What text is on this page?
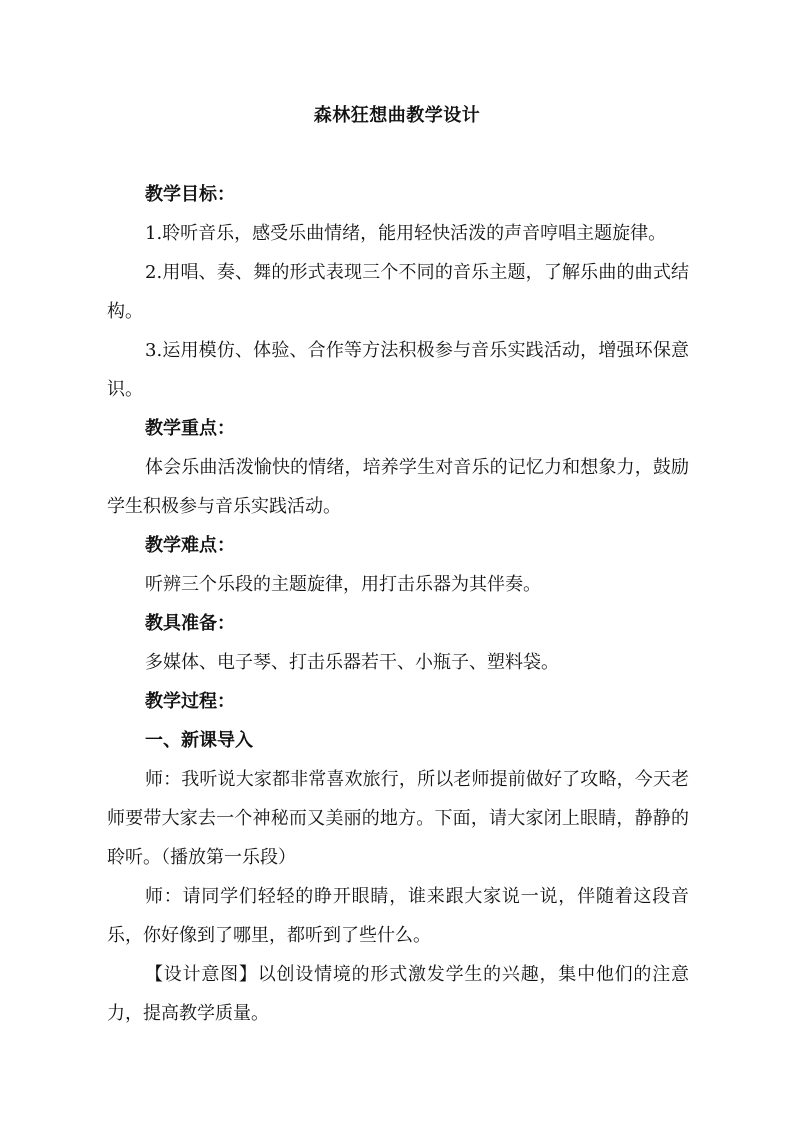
森林狂想曲教学设计

教学目标：

1.聆听音乐，感受乐曲情绪，能用轻快活泼的声音哼唱主题旋律。

2.用唱、奏、舞的形式表现三个不同的音乐主题，了解乐曲的曲式结构。

3.运用模仿、体验、合作等方法积极参与音乐实践活动，增强环保意识。

教学重点：

体会乐曲活泼愉快的情绪，培养学生对音乐的记忆力和想象力，鼓励学生积极参与音乐实践活动。

教学难点：

听辨三个乐段的主题旋律，用打击乐器为其伴奏。

教具准备：

多媒体、电子琴、打击乐器若干、小瓶子、塑料袋。

教学过程：

一、新课导入

师：我听说大家都非常喜欢旅行，所以老师提前做好了攻略，今天老师要带大家去一个神秘而又美丽的地方。下面，请大家闭上眼睛，静静的聆听。（播放第一乐段）

师：请同学们轻轻的睁开眼睛，谁来跟大家说一说，伴随着这段音乐，你好像到了哪里，都听到了些什么。

【设计意图】以创设情境的形式激发学生的兴趣，集中他们的注意力，提高教学质量。
